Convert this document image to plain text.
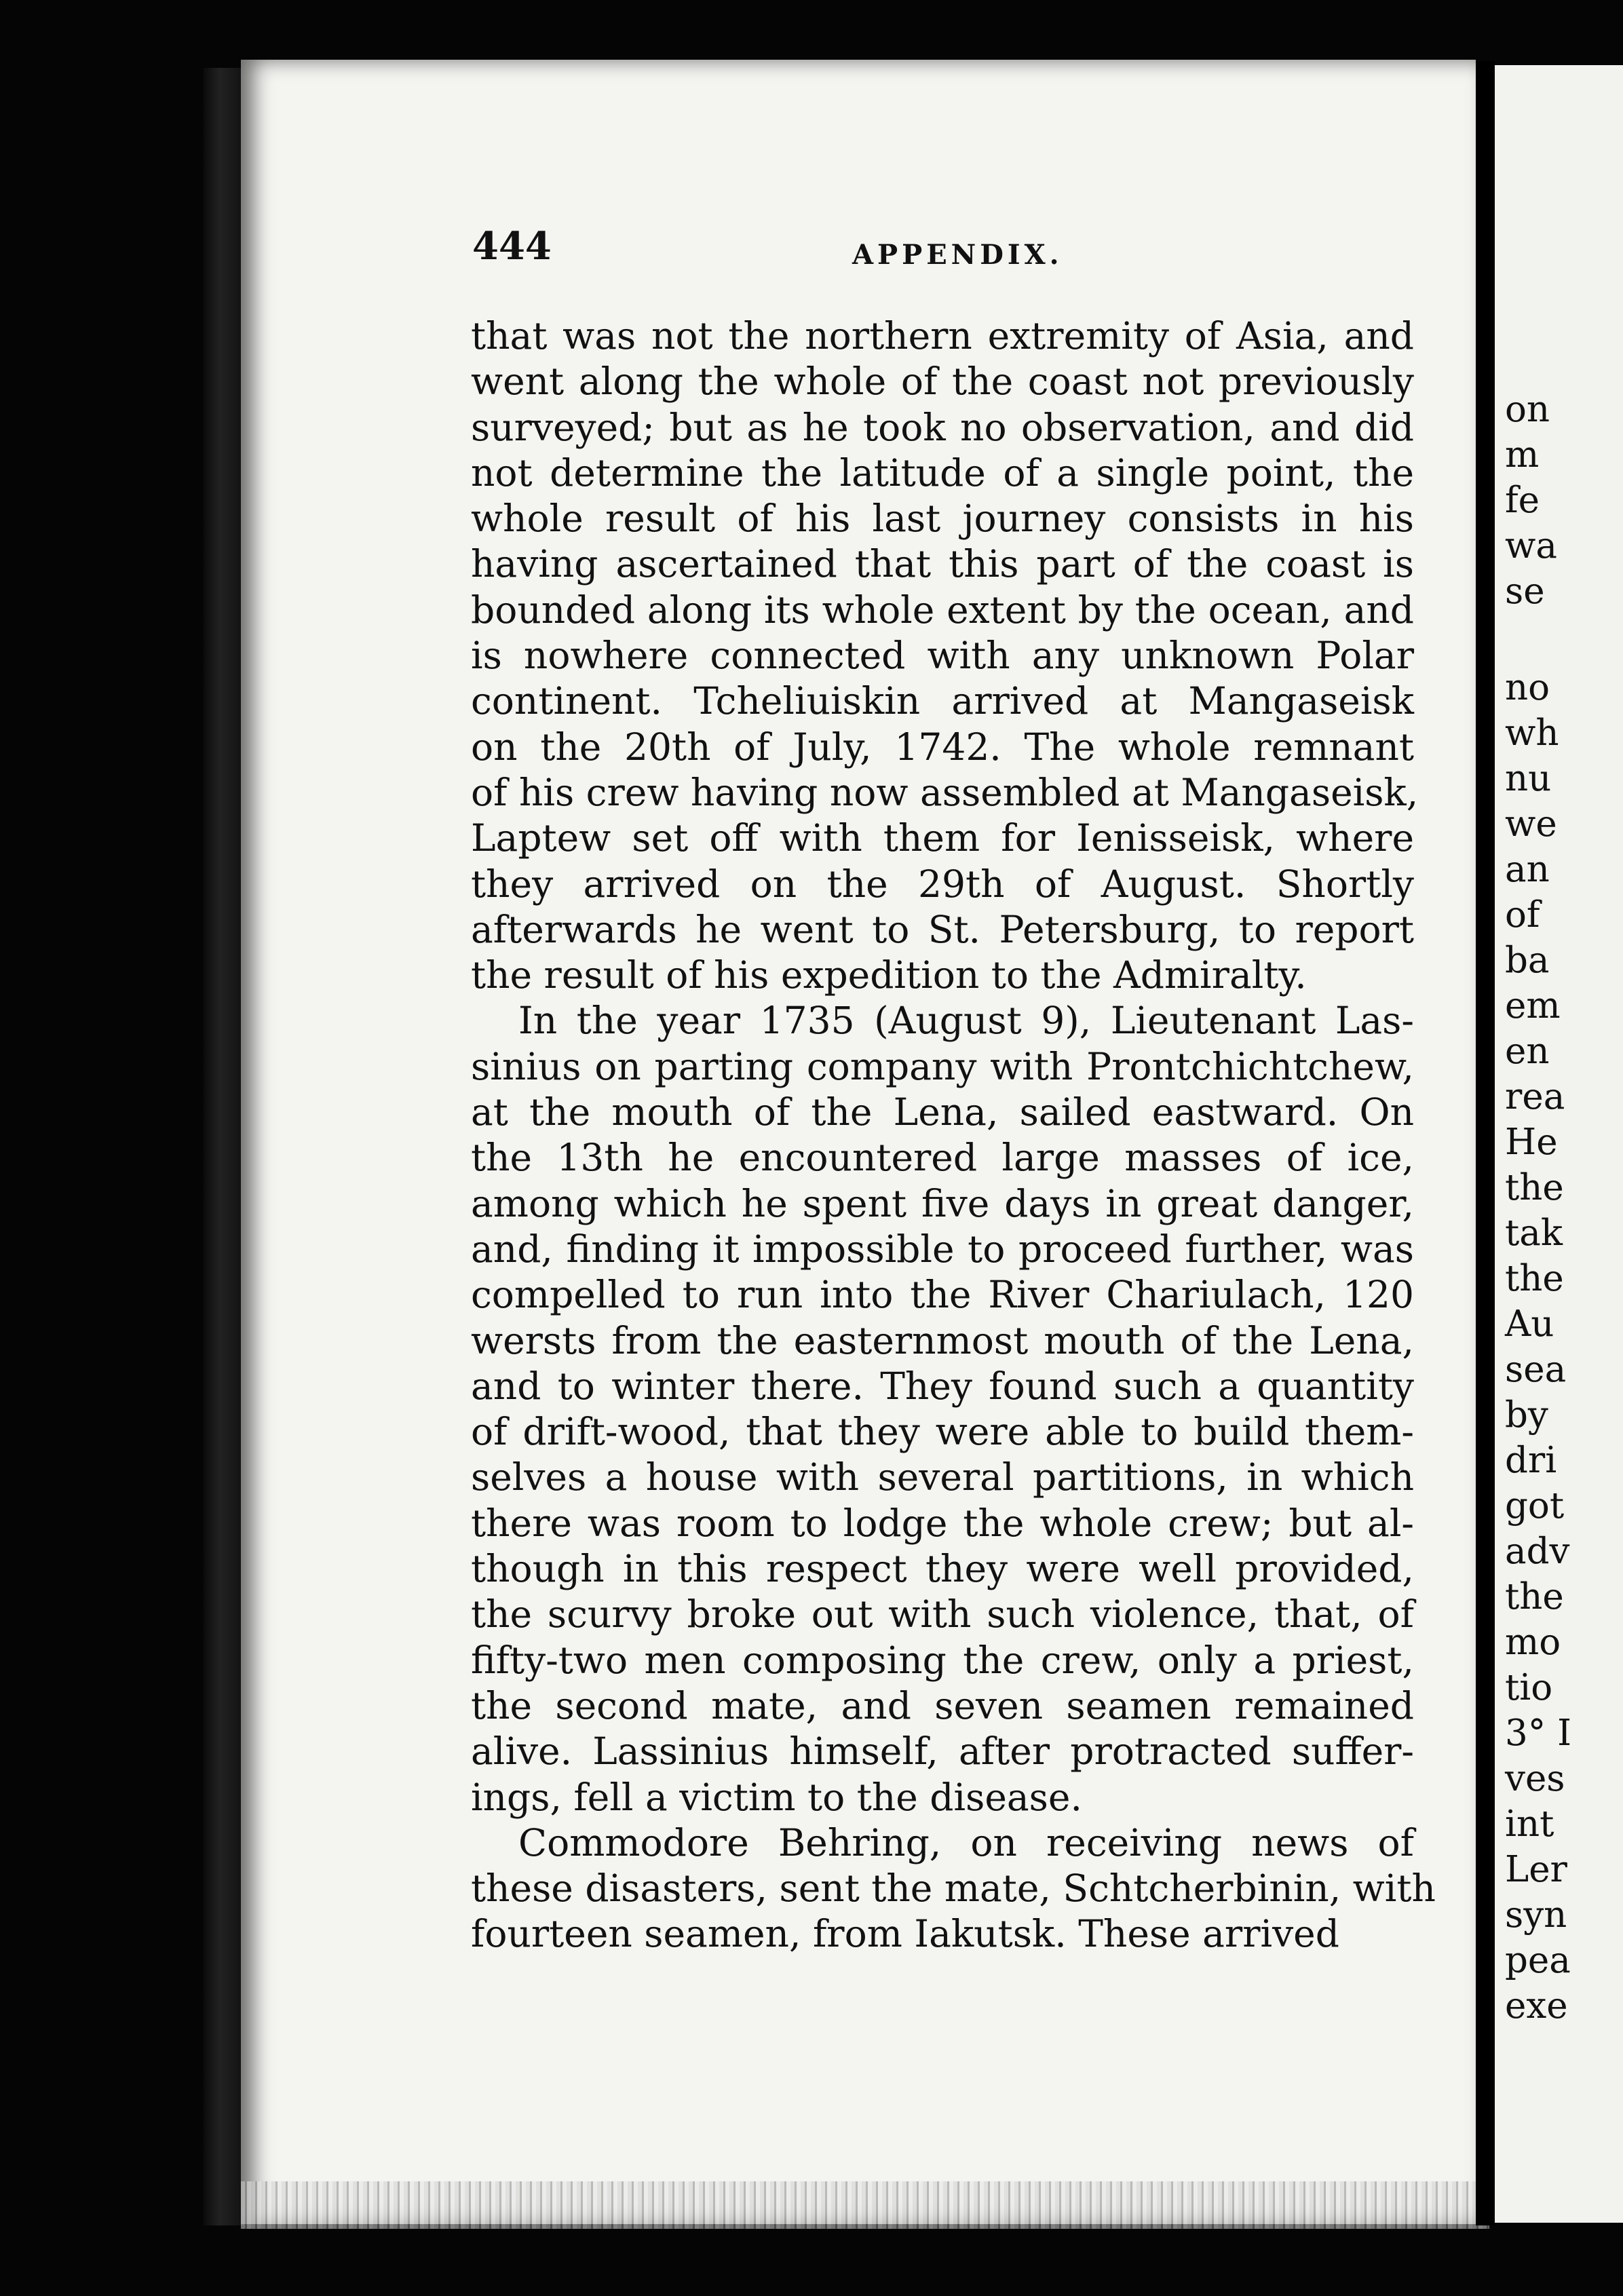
on
m
fe
wa
se
no
wh
nu
we
an
of
ba
em
en
rea
He
the
tak
the
Au
sea
by
dri
got
adv
the
mo
tio
3° I
ves
int
Ler
syn
pea
exe
444	APPENDIX.
that was not the northern extremity of Asia, and
went along the whole of the coast not previously
surveyed; but as he took no observation, and did
not determine the latitude of a single point, the
whole result of his last journey consists in his
having ascertained that this part of the coast is
bounded along its whole extent by the ocean, and
is nowhere connected with any unknown Polar
continent. Tcheliuiskin arrived at Mangaseisk
on the 20th of July, 1742. The whole remnant
of his crew having now assembled at Mangaseisk,
Laptew set off with them for Ienisseisk, where
they arrived on the 29th of August. Shortly
afterwards he went to St. Petersburg, to report
the result of his expedition to the Admiralty.
In the year 1735 (August 9), Lieutenant Las-
sinius on parting company with Prontchichtchew,
at the mouth of the Lena, sailed eastward. On
the 13th he encountered large masses of ice,
among which he spent five days in great danger,
and, finding it impossible to proceed further, was
compelled to run into the River Chariulach, 120
wersts from the easternmost mouth of the Lena,
and to winter there. They found such a quantity
of drift-wood, that they were able to build them-
selves a house with several partitions, in which
there was room to lodge the whole crew; but al-
though in this respect they were well provided,
the scurvy broke out with such violence, that, of
fifty-two men composing the crew, only a priest,
the second mate, and seven seamen remained
alive. Lassinius himself, after protracted suffer-
ings, fell a victim to the disease.
Commodore Behring, on receiving news of
these disasters, sent the mate, Schtcherbinin, with
fourteen seamen, from Iakutsk. These arrived
